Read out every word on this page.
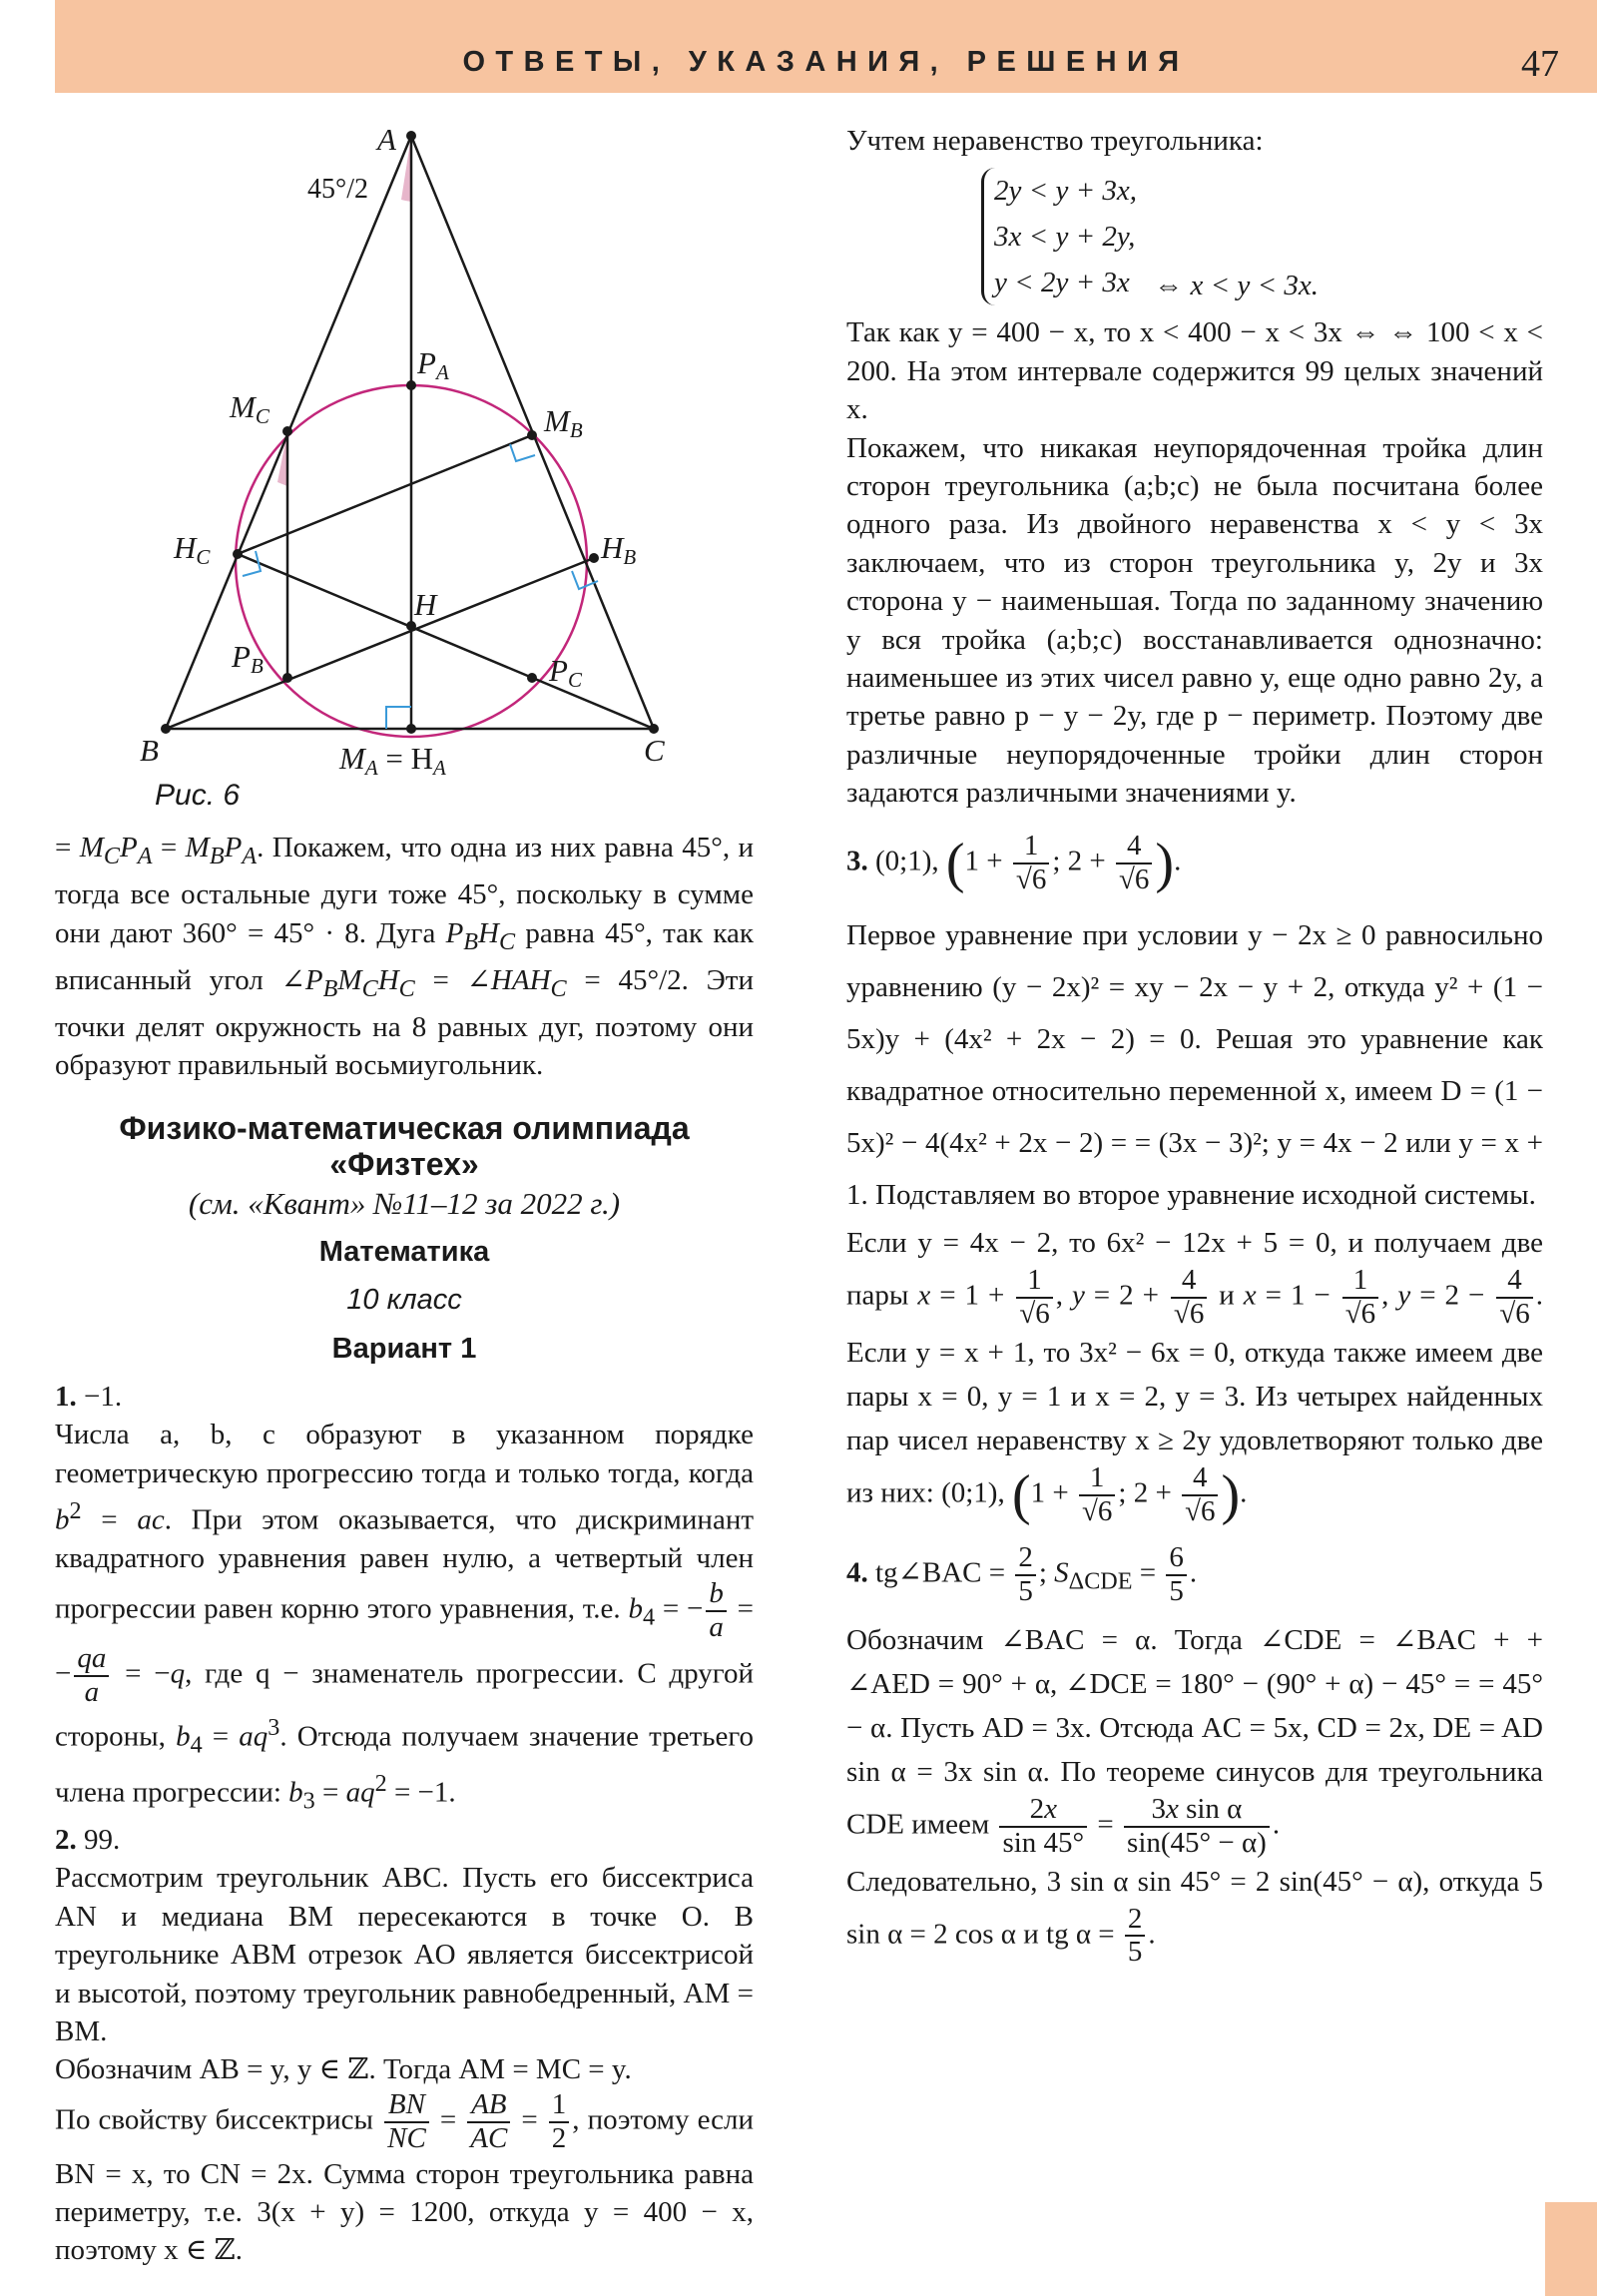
ОТВЕТЫ, УКАЗАНИЯ, РЕШЕНИЯ	47
A
B	C
H
45°/2
MC	MB
HC	HB
PA
PB	PC
MA = HA
Рис. 6

= $M_CP_A = M_BP_A$. Покажем, что одна из них равна 45°, и тогда все остальные дуги тоже 45°, поскольку в сумме они дают 360° = 45° · 8. Дуга $P_BH_C$ равна 45°, так как вписанный угол $\angle P_BM_CH_C$ = $\angle HAH_C = 45^\circ/2$. Эти точки делят окружность на 8 равных дуг, поэтому они образуют правильный восьмиугольник.

Физико-математическая олимпиада
«Физтех»
(см. «Квант» №11–12 за 2022 г.)
Математика
10 класс
Вариант 1

1. −1.

Числа a, b, c образуют в указанном порядке геометрическую прогрессию тогда и только тогда, когда $b^2$ = ac. При этом оказывается, что дискриминант квадратного уравнения равен нулю, а четвертый член прогрессии равен корню этого уравнения, т.е. $b_4$ = − $\frac{b}{a}$ = − $\frac{qa}{a} = -q$, где q − знаменатель прогрессии. С другой стороны, $b_4 = aq^3$. Отсюда получаем значение третьего члена прогрессии: $b_3 = aq^2 = -1$.

2. 99.

Рассмотрим треугольник ABC. Пусть его биссектриса AN и медиана BM пересекаются в точке O. В треугольнике ABM отрезок AO является биссектрисой и высотой, поэтому треугольник равнобедренный, AM = BM.

Обозначим AB = y, y ∈ ℤ. Тогда AM = MC = y.

По свойству биссектрисы $\frac{BN}{NC} = \frac{AB}{AC} = \frac{1}{2}$ , поэтому если BN = x, то CN = 2x. Сумма сторон треугольника равна периметру, т.е. 3(x + y) = 1200, откуда y = 400 − x, поэтому x ∈ ℤ.

Учтем неравенство треугольника:

2y < y + 3x,
3x < y + 2y,
y < 2y + 3x ⇔ x < y < 3x.

Так как y = 400 − x, то x < 400 − x < 3x ⇔ ⇔ 100 < x < 200. На этом интервале содержится 99 целых значений x.

Покажем, что никакая неупорядоченная тройка длин сторон треугольника (a;b;c) не была посчитана более одного раза. Из двойного неравенства x < y < 3x заключаем, что из сторон треугольника y, 2y и 3x сторона y − наименьшая. Тогда по заданному значению y вся тройка (a;b;c) восстанавливается однозначно: наименьшее из этих чисел равно y, еще одно равно 2y, а третье равно p − y − 2y, где p − периметр. Поэтому две различные неупорядоченные тройки длин сторон задаются различными значениями y.

3. (0;1), ($1 + \frac{1}{√6}$ ; $2 + \frac{4}{√6}$ ).

Первое уравнение при условии y − 2x ≥ 0 равносильно уравнению (y − 2x)² = xy − 2x − y + 2, откуда y² + (1 − 5x)y + (4x² + 2x − 2) = 0. Решая это уравнение как квадратное относительно переменной x, имеем D = (1 − 5x)² − 4(4x² + 2x − 2) = = (3x − 3)²; y = 4x − 2 или y = x + 1. Подставляем во второе уравнение исходной системы.

Если y = 4x − 2, то 6x² − 12x + 5 = 0, и получаем две пары $x = 1 + \frac{1}{√6}$ , $y = 2 + \frac{4}{√6}$ и $x = 1 - \frac{1}{√6}$ , $y = 2 - \frac{4}{√6}$ . Если y = x + 1, то 3x² − 6x = 0, откуда также имеем две пары x = 0, y = 1 и x = 2, y = 3. Из четырех найденных пар чисел неравенству x ≥ 2y удовлетворяют только две из них: (0;1), ($1 + \frac{1}{√6}$ ; $2 + \frac{4}{√6}$ ).

4. tg∠BAC = $\frac{2}{5}$ ; $S_{\Delta CDE} = \frac{6}{5}$ .

Обозначим ∠BAC = α. Тогда ∠CDE = ∠BAC + + ∠AED = 90° + α, ∠DCE = 180° − (90° + α) − 45° = = 45° − α. Пусть AD = 3x. Отсюда AC = 5x, CD = 2x, DE = AD sin α = 3x sin α. По теореме синусов для треугольника CDE имеем $\frac{2x}{\sin 45^\circ} = \frac{\text{3x sin α}}{\sin(45^\circ - \alpha)}$ .

Следовательно, 3 sin α sin 45° = 2 sin(45° − α), откуда 5 sin α = 2 cos α и tg $\alpha = \frac{2}{5}$ .
